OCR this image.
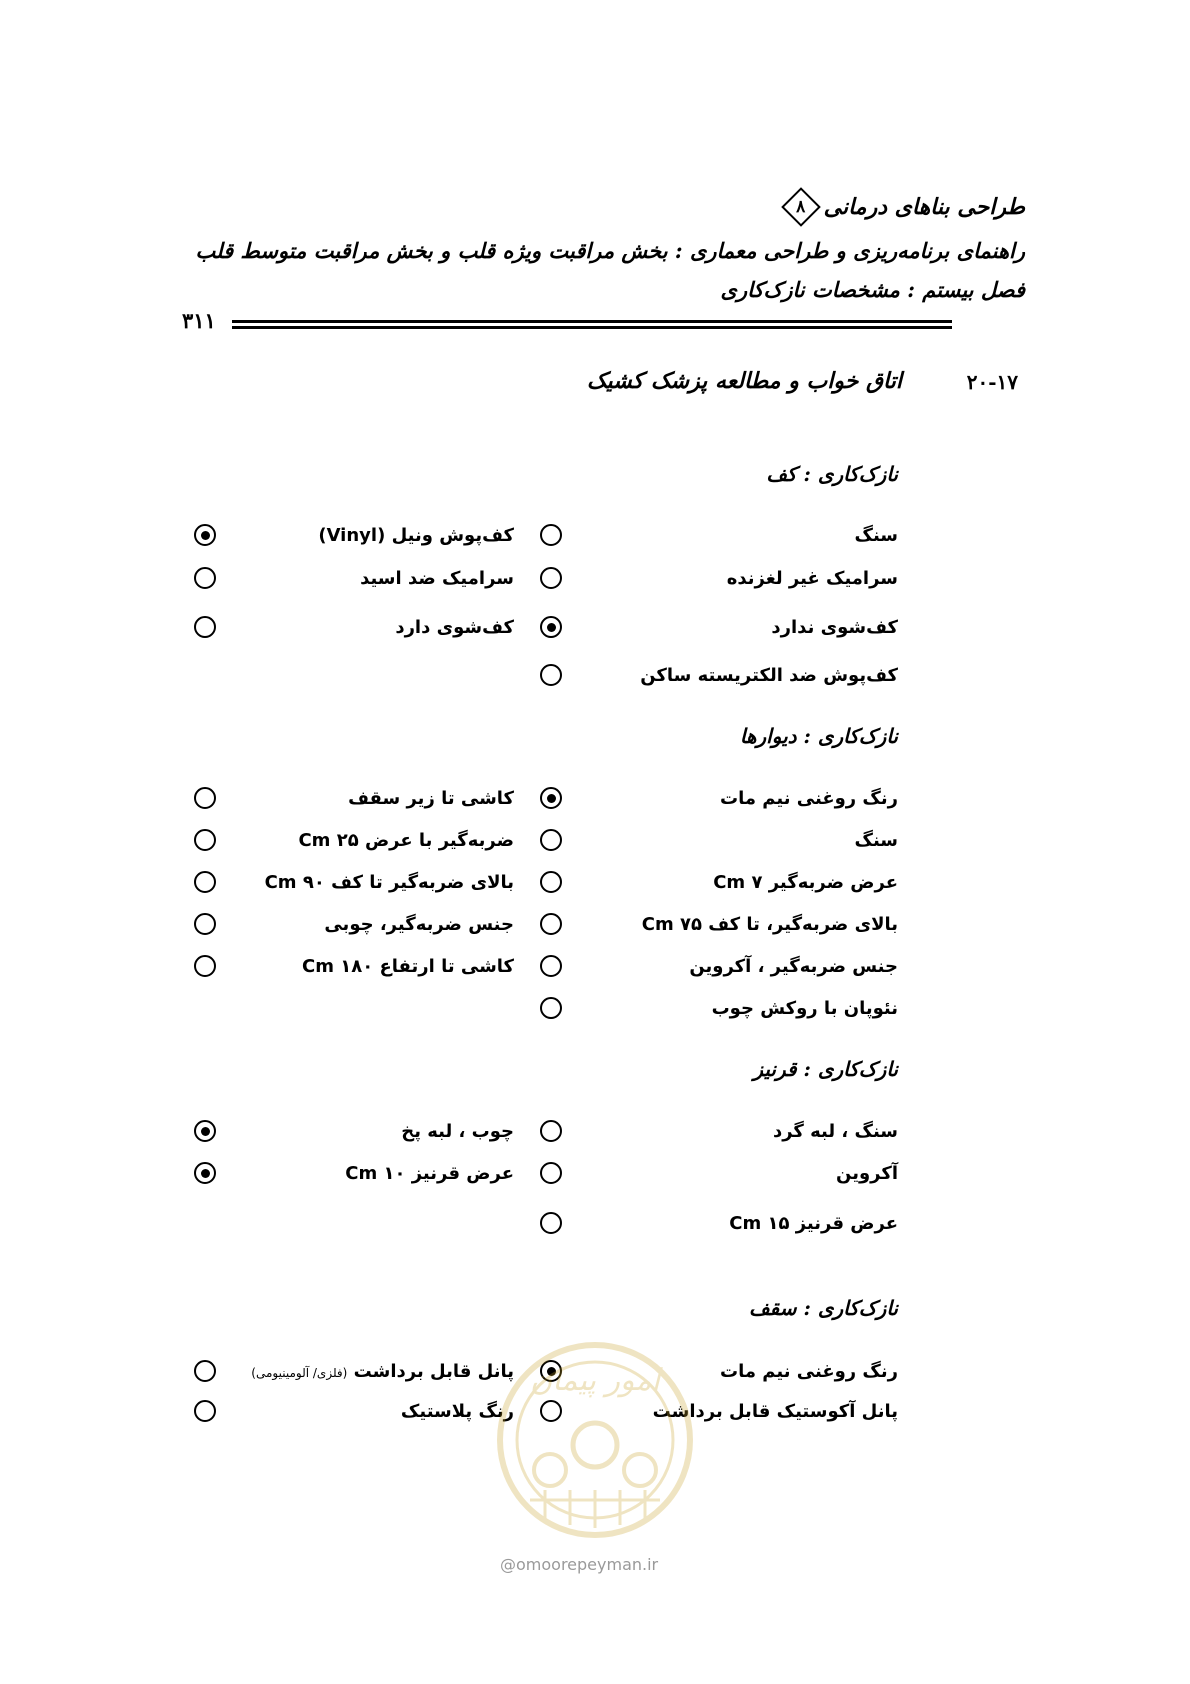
طراحی بناهای درمانی
۸
راهنمای برنامه‌ریزی و طراحی معماری : بخش مراقبت ویژه قلب و بخش مراقبت متوسط قلب
فصل بیستم : مشخصات نازک‌کاری
۳۱۱
۲۰-۱۷
اتاق خواب و مطالعه پزشک کشیک
نازک‌کاری : کف
سنگ
سرامیک غیر لغزنده
کف‌شوی ندارد
کف‌پوش ضد الکتریسته ساکن
کف‌پوش ونیل (Vinyl)
سرامیک ضد اسید
کف‌شوی دارد
نازک‌کاری : دیوارها
رنگ روغنی نیم مات
سنگ
عرض ضربه‌گیر ۷ Cm
بالای ضربه‌گیر، تا کف ۷۵ Cm
جنس ضربه‌گیر ، آکروین
نئوپان با روکش چوب
کاشی تا زیر سقف
ضربه‌گیر با عرض ۲۵ Cm
بالای ضربه‌گیر تا کف ۹۰ Cm
جنس ضربه‌گیر، چوبی
کاشی تا ارتفاع ۱۸۰ Cm
نازک‌کاری : قرنیز
سنگ ، لبه گرد
آکروین
عرض قرنیز ۱۵ Cm
چوب ، لبه پخ
عرض قرنیز ۱۰ Cm
نازک‌کاری : سقف
رنگ روغنی نیم مات
پانل آکوستیک قابل برداشت
پانل قابل برداشت (فلزی/ آلومینیومی)
رنگ پلاستیک
امور پیمان
@omoorepeyman.ir
